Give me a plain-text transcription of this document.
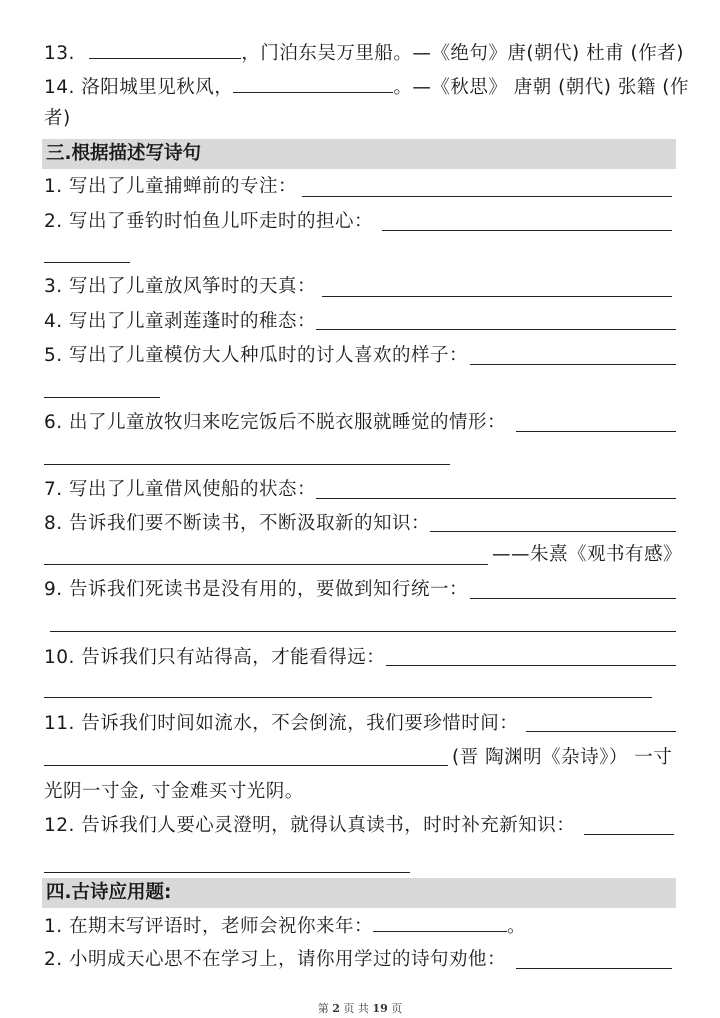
13.	，门泊东吴万里船。—《绝句》唐(朝代) 杜甫 (作者)
14. 洛阳城里见秋风，	。—《秋思》 唐朝 (朝代) 张籍 (作
者)
三.根据描述写诗句
1. 写出了儿童捕蝉前的专注：
2. 写出了垂钓时怕鱼儿吓走时的担心：
3. 写出了儿童放风筝时的天真：
4. 写出了儿童剥莲蓬时的稚态：
5. 写出了儿童模仿大人种瓜时的讨人喜欢的样子：
6. 出了儿童放牧归来吃完饭后不脱衣服就睡觉的情形：
7. 写出了儿童借风使船的状态：
8. 告诉我们要不断读书，不断汲取新的知识：
——朱熹《观书有感》
9. 告诉我们死读书是没有用的，要做到知行统一：
10. 告诉我们只有站得高，才能看得远：
11. 告诉我们时间如流水，不会倒流，我们要珍惜时间：
(晋 陶渊明《杂诗》） 一寸
光阴一寸金, 寸金难买寸光阴。
12. 告诉我们人要心灵澄明，就得认真读书，时时补充新知识：
四.古诗应用题:
1. 在期末写评语时，老师会祝你来年：	。
2. 小明成天心思不在学习上，请你用学过的诗句劝他：
第 2 页 共 19 页
